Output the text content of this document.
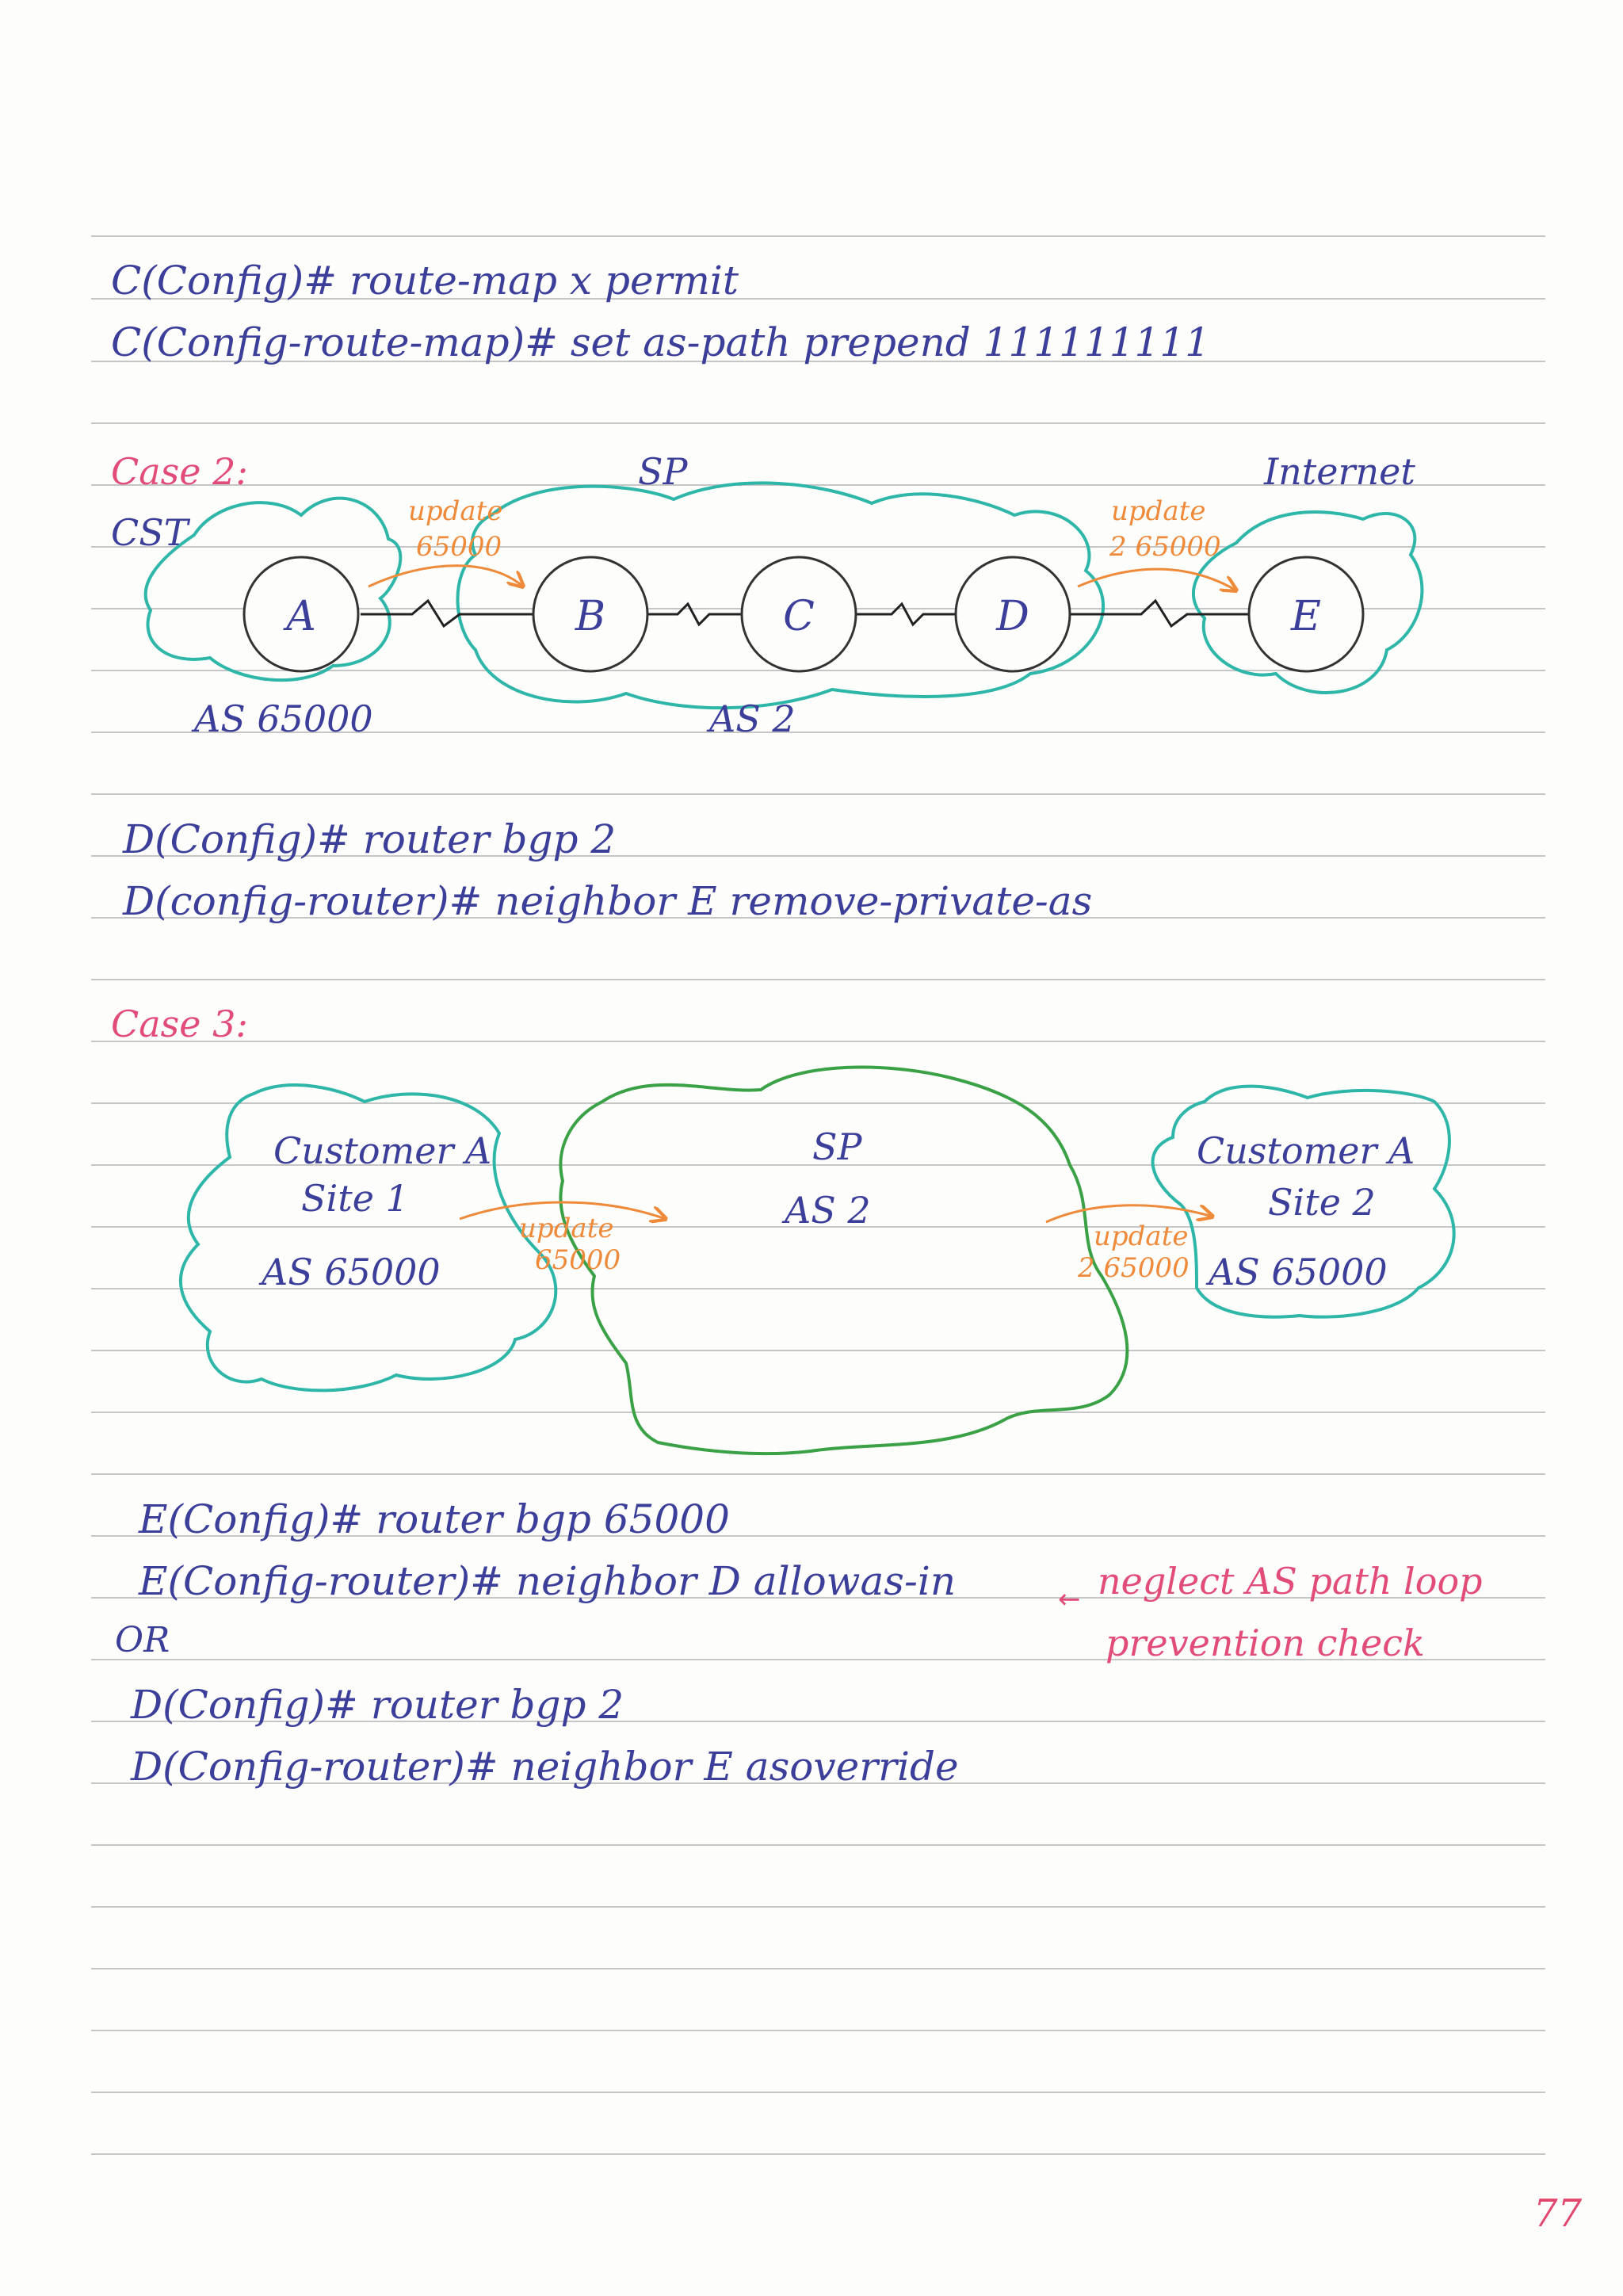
C(Config)# route-map x permit
C(Config-route-map)# set as-path prepend 111111111
Case 2:
A	B	C	D	E
SP
CST
Internet
AS 65000	AS 2
update
65000
update
2 65000
D(Config)# router bgp 2
D(config-router)# neighbor E remove-private-as
Case 3:
Customer A
Site 1
AS 65000
SP
AS 2
Customer A
Site 2
AS 65000
update
65000
update
2 65000
E(Config)# router bgp 65000
E(Config-router)# neighbor D allowas-in	← neglect AS path loop
prevention check
OR
D(Config)# router bgp 2
D(Config-router)# neighbor E asoverride
77
